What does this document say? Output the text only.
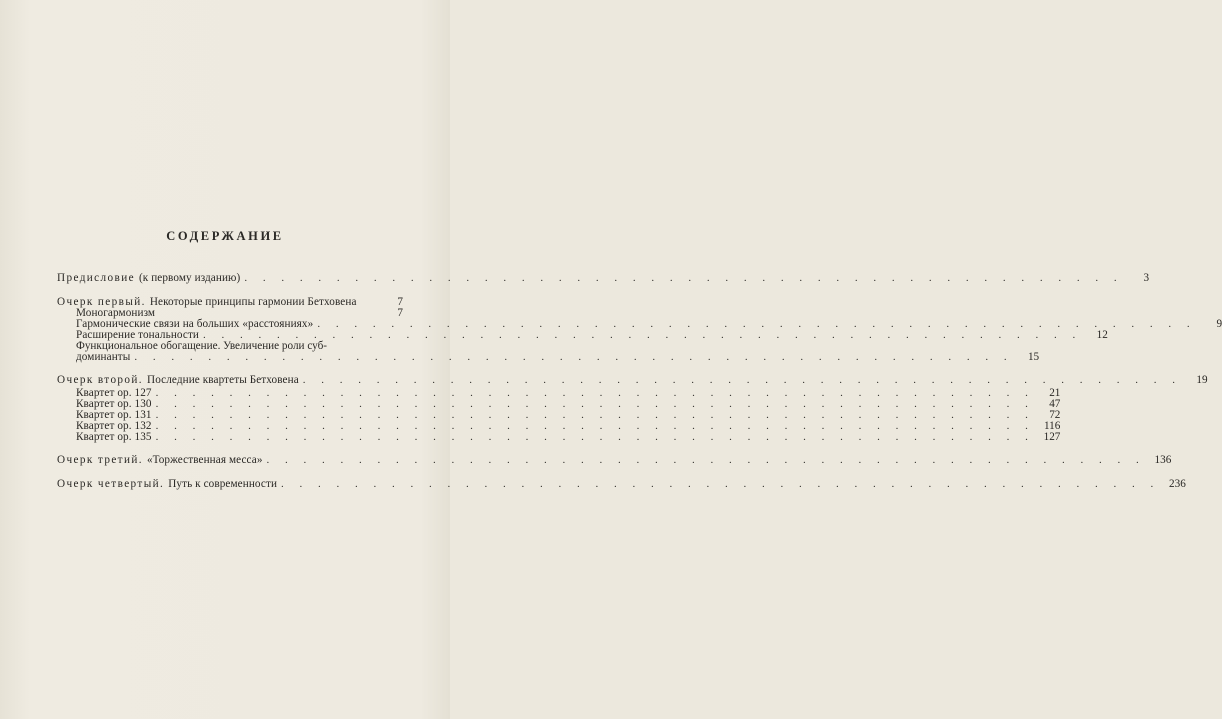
СОДЕРЖАНИЕ
Предисловие (к первому изданию) . . . . . . . . . . . . . . . . . . . . . . . . . . . . . . . . . . . . . . . . . . . . . . . .	3
Очерк первый. Некоторые принципы гармонии Бетховена	7
Моногармонизм	7
Гармонические связи на больших «расстояниях» . . . . . . . . . . . . . . . . . . . . . . . . . . . . . . . . . . . . . . . . . . . . . . . .	9
Расширение тональности . . . . . . . . . . . . . . . . . . . . . . . . . . . . . . . . . . . . . . . . . . . . . . . .	12
Функциональное обогащение. Увеличение роли суб-
доминанты . . . . . . . . . . . . . . . . . . . . . . . . . . . . . . . . . . . . . . . . . . . . . . . .	15
Очерк второй. Последние квартеты Бетховена . . . . . . . . . . . . . . . . . . . . . . . . . . . . . . . . . . . . . . . . . . . . . . . .	19
Квартет ор. 127 . . . . . . . . . . . . . . . . . . . . . . . . . . . . . . . . . . . . . . . . . . . . . . . .	21
Квартет ор. 130 . . . . . . . . . . . . . . . . . . . . . . . . . . . . . . . . . . . . . . . . . . . . . . . .	47
Квартет ор. 131 . . . . . . . . . . . . . . . . . . . . . . . . . . . . . . . . . . . . . . . . . . . . . . . .	72
Квартет ор. 132 . . . . . . . . . . . . . . . . . . . . . . . . . . . . . . . . . . . . . . . . . . . . . . . . 116
Квартет ор. 135 . . . . . . . . . . . . . . . . . . . . . . . . . . . . . . . . . . . . . . . . . . . . . . . . 127
Очерк третий. «Торжественная месса» . . . . . . . . . . . . . . . . . . . . . . . . . . . . . . . . . . . . . . . . . . . . . . . . 136
Очерк четвертый. Путь к современности . . . . . . . . . . . . . . . . . . . . . . . . . . . . . . . . . . . . . . . . . . . . . . . . 236
